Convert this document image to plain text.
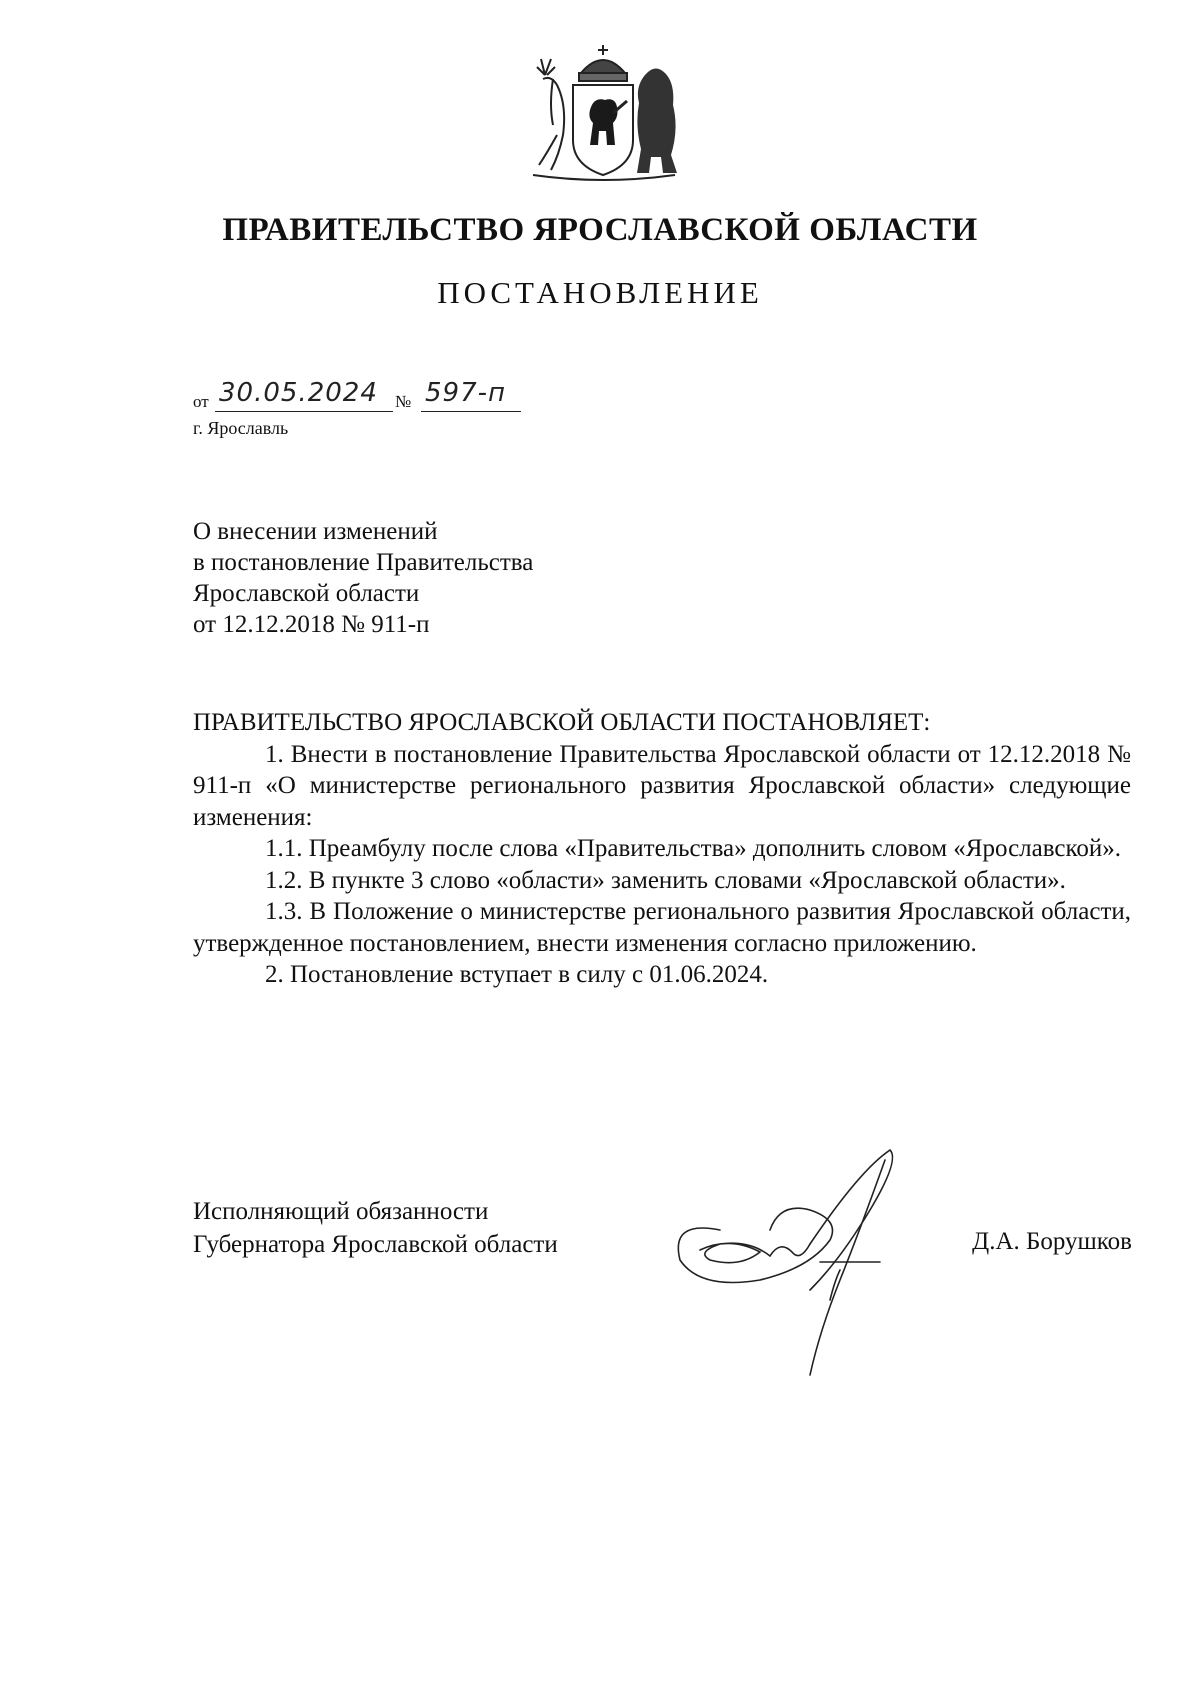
ПРАВИТЕЛЬСТВО ЯРОСЛАВСКОЙ ОБЛАСТИ
ПОСТАНОВЛЕНИЕ
от 30.05.2024 № 597-п
г. Ярославль
О внесении изменений
в постановление Правительства
Ярославской области
от 12.12.2018 № 911-п

ПРАВИТЕЛЬСТВО ЯРОСЛАВСКОЙ ОБЛАСТИ ПОСТАНОВЛЯЕТ:

1. Внести в постановление Правительства Ярославской области от 12.12.2018 № 911-п «О министерстве регионального развития Ярославской области» следующие изменения:

1.1. Преамбулу после слова «Правительства» дополнить словом «Ярославской».

1.2. В пункте 3 слово «области» заменить словами «Ярославской области».

1.3. В Положение о министерстве регионального развития Ярославской области, утвержденное постановлением, внести изменения согласно приложению.

2. Постановление вступает в силу с 01.06.2024.

Исполняющий обязанности
Губернатора Ярославской области	Д.А. Борушков
